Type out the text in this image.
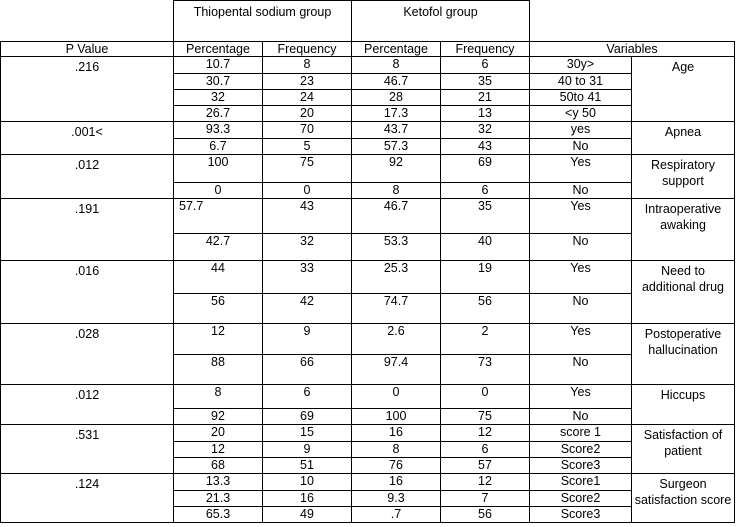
	Thiopental sodium group		Ketofol group			
P Value	Percentage	Frequency	Percentage	Frequency	Variables	
.216	10.7	8	8	6	30y>	Age
	30.7	23	46.7	35	40 to 31	
	32	24	28	21	50to 41	
	26.7	20	17.3	13	<y 50	
.001<	93.3	70	43.7	32	yes	Apnea
	6.7	5	57.3	43	No	
.012	100	75	92	69	Yes	Respiratory support
	0	0	8	6	No	
.191	57.7	43	46.7	35	Yes	Intraoperative awaking
	42.7	32	53.3	40	No	
.016	44	33	25.3	19	Yes	Need to additional drug
	56	42	74.7	56	No	
.028	12	9	2.6	2	Yes	Postoperative hallucination
	88	66	97.4	73	No	
.012	8	6	0	0	Yes	Hiccups
	92	69	100	75	No	
.531	20	15	16	12	score 1	Satisfaction of patient
	12	9	8	6	Score2	
	68	51	76	57	Score3	
.124	13.3	10	16	12	Score1	Surgeon satisfaction score
	21.3	16	9.3	7	Score2	
	65.3	49	.7	56	Score3	
